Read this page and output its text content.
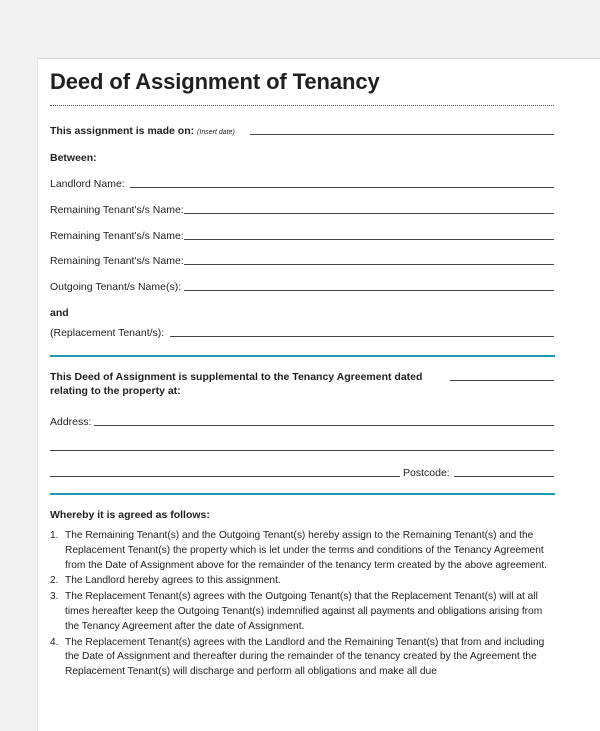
Deed of Assignment of Tenancy
This assignment is made on: (Insert date)
Between:
Landlord Name:
Remaining Tenant's/s Name:
Remaining Tenant's/s Name:
Remaining Tenant's/s Name:
Outgoing Tenant/s Name(s):
and
(Replacement Tenant/s):
This Deed of Assignment is supplemental to the Tenancy Agreement dated
relating to the property at:
Address:
Postcode:
Whereby it is agreed as follows:
1. The Remaining Tenant(s) and the Outgoing Tenant(s) hereby assign to the Remaining Tenant(s) and the Replacement Tenant(s) the property which is let under the terms and conditions of the Tenancy Agreement from the Date of Assignment above for the remainder of the tenancy term created by the above agreement.
2. The Landlord hereby agrees to this assignment.
3. The Replacement Tenant(s) agrees with the Outgoing Tenant(s) that the Replacement Tenant(s) will at all times hereafter keep the Outgoing Tenant(s) indemnified against all payments and obligations arising from the Tenancy Agreement after the date of Assignment.
4. The Replacement Tenant(s) agrees with the Landlord and the Remaining Tenant(s) that from and including the Date of Assignment and thereafter during the remainder of the tenancy created by the Agreement the Replacement Tenant(s) will discharge and perform all obligations and make all due
